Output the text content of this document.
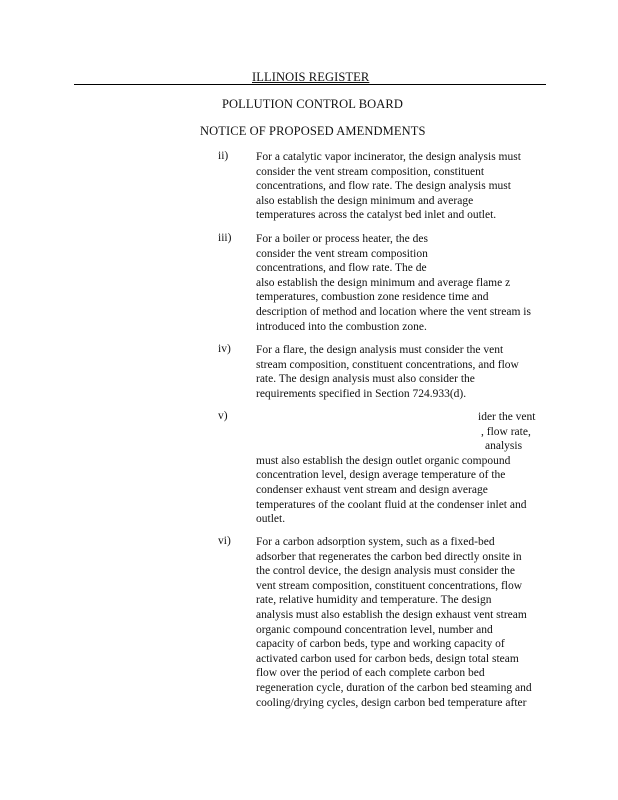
ILLINOIS REGISTER
POLLUTION CONTROL BOARD
NOTICE OF PROPOSED AMENDMENTS
ii) For a catalytic vapor incinerator, the design analysis must
consider the vent stream composition, constituent
concentrations, and flow rate. The design analysis must
also establish the design minimum and average
temperatures across the catalyst bed inlet and outlet.
iii) For a boiler or process heater, the des
consider the vent stream composition
concentrations, and flow rate. The de
also establish the design minimum and average flame z
temperatures, combustion zone residence time and
description of method and location where the vent stream is
introduced into the combustion zone.
iv) For a flare, the design analysis must consider the vent
stream composition, constituent concentrations, and flow
rate. The design analysis must also consider the
requirements specified in Section 724.933(d).
v)	ider the vent
, flow rate,
analysis
must also establish the design outlet organic compound
concentration level, design average temperature of the
condenser exhaust vent stream and design average
temperatures of the coolant fluid at the condenser inlet and
outlet.
vi) For a carbon adsorption system, such as a fixed-bed
adsorber that regenerates the carbon bed directly onsite in
the control device, the design analysis must consider the
vent stream composition, constituent concentrations, flow
rate, relative humidity and temperature. The design
analysis must also establish the design exhaust vent stream
organic compound concentration level, number and
capacity of carbon beds, type and working capacity of
activated carbon used for carbon beds, design total steam
flow over the period of each complete carbon bed
regeneration cycle, duration of the carbon bed steaming and
cooling/drying cycles, design carbon bed temperature after
